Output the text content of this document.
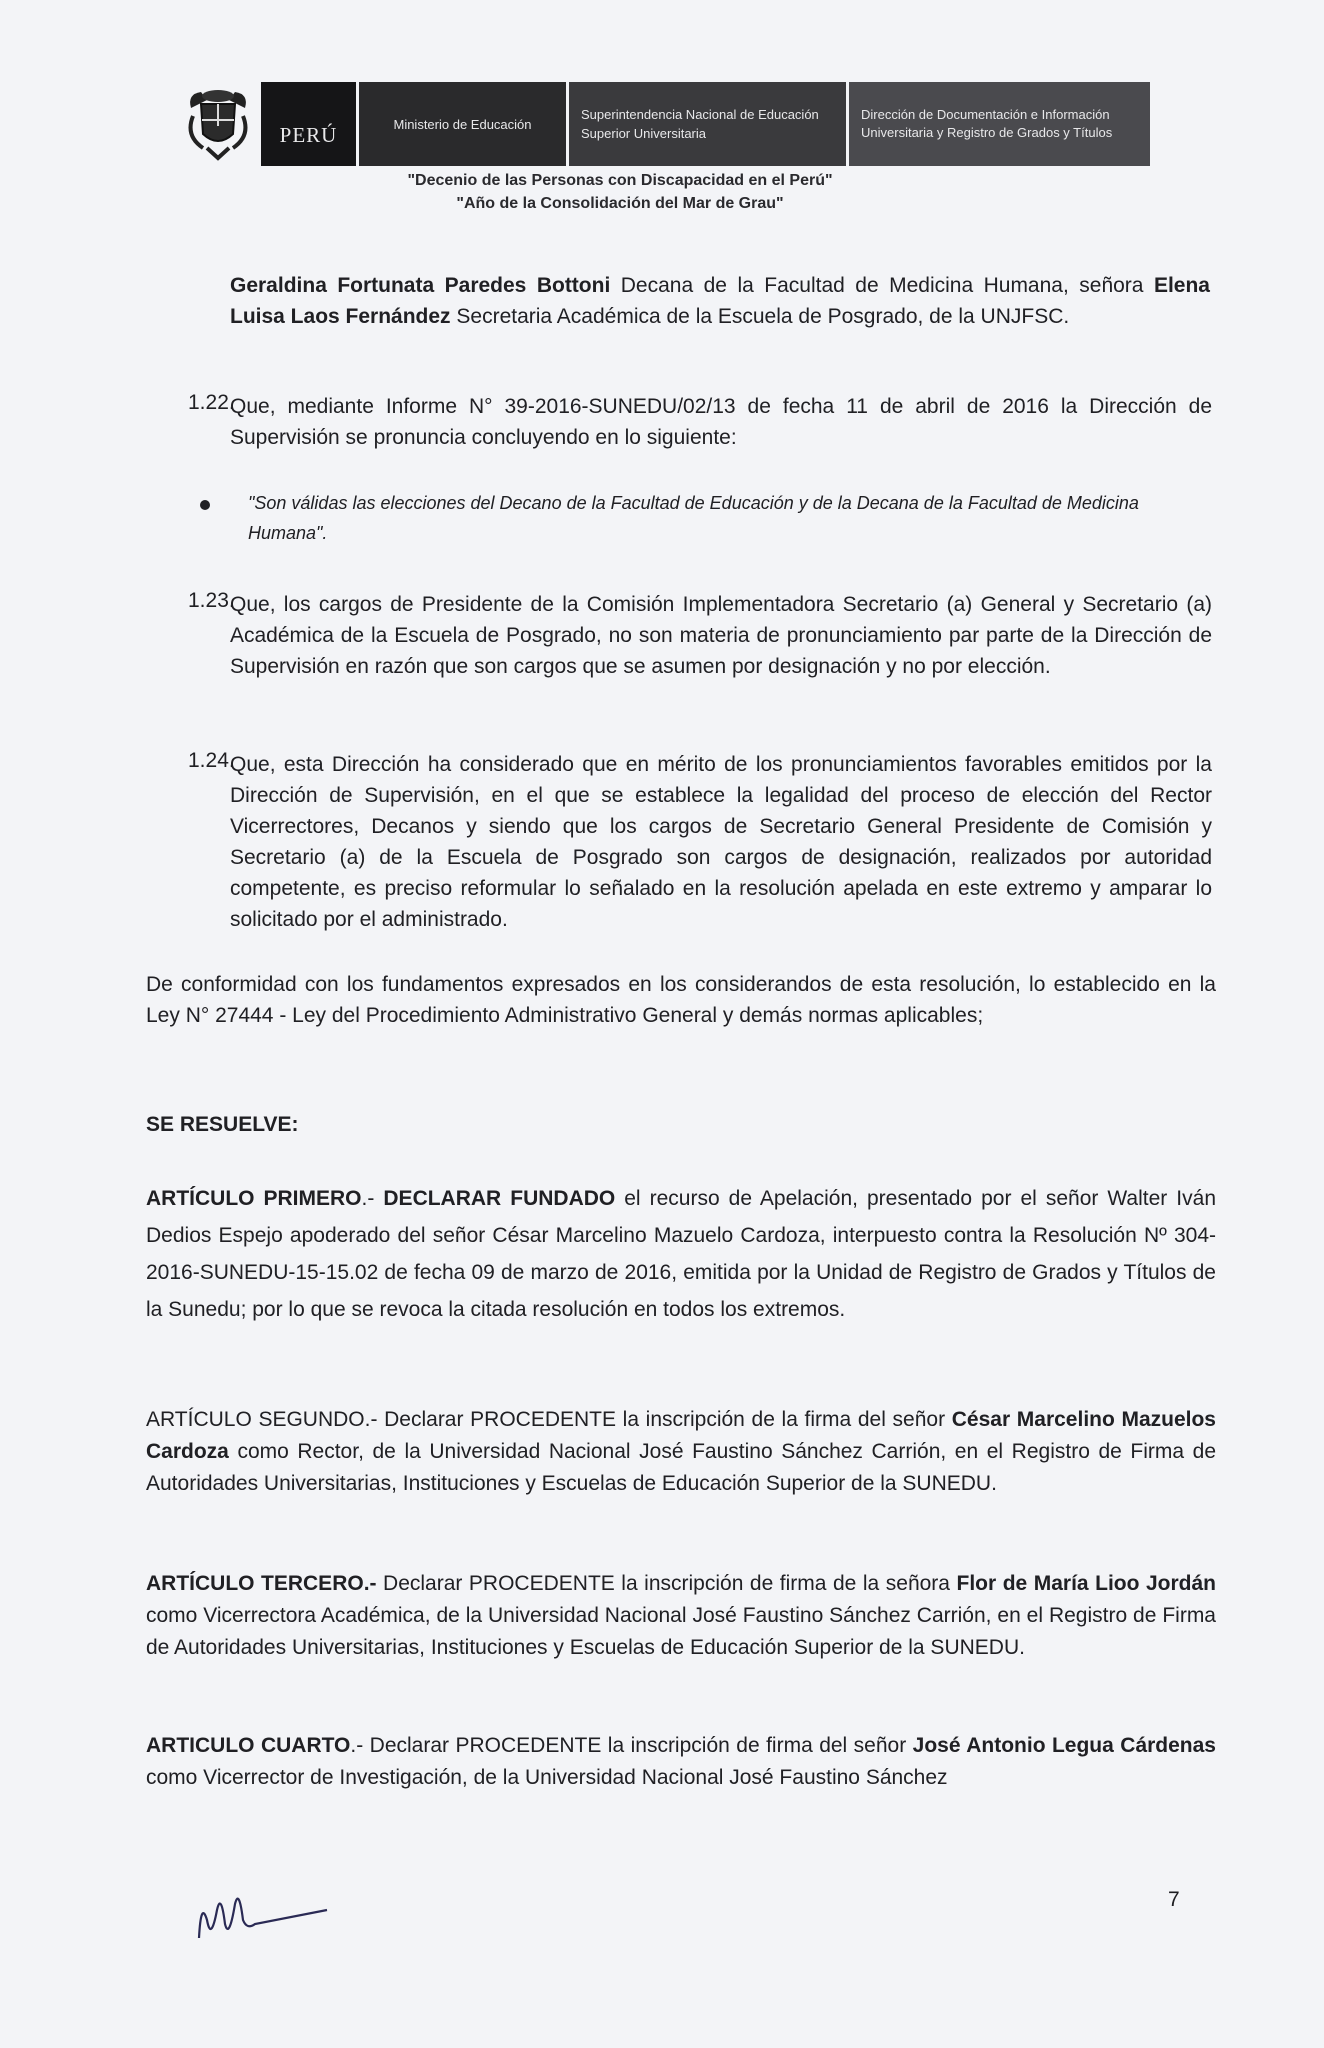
PERÚ	Ministerio de Educación
Superintendencia Nacional de Educación Superior Universitaria
Dirección de Documentación e Información Universitaria y Registro de Grados y Títulos
"Decenio de las Personas con Discapacidad en el Perú"
"Año de la Consolidación del Mar de Grau"
Geraldina Fortunata Paredes Bottoni Decana de la Facultad de Medicina Humana, señora Elena Luisa Laos Fernández Secretaria Académica de la Escuela de Posgrado, de la UNJFSC.
1.22.
Que, mediante Informe N° 39-2016-SUNEDU/02/13 de fecha 11 de abril de 2016 la Dirección de Supervisión se pronuncia concluyendo en lo siguiente:
"Son válidas las elecciones del Decano de la Facultad de Educación y de la Decana de la Facultad de Medicina Humana".
1.23.
Que, los cargos de Presidente de la Comisión Implementadora Secretario (a) General y Secretario (a) Académica de la Escuela de Posgrado, no son materia de pronunciamiento par parte de la Dirección de Supervisión en razón que son cargos que se asumen por designación y no por elección.
1.24.
Que, esta Dirección ha considerado que en mérito de los pronunciamientos favorables emitidos por la Dirección de Supervisión, en el que se establece la legalidad del proceso de elección del Rector Vicerrectores, Decanos y siendo que los cargos de Secretario General Presidente de Comisión y Secretario (a) de la Escuela de Posgrado son cargos de designación, realizados por autoridad competente, es preciso reformular lo señalado en la resolución apelada en este extremo y amparar lo solicitado por el administrado.
De conformidad con los fundamentos expresados en los considerandos de esta resolución, lo establecido en la Ley N° 27444 - Ley del Procedimiento Administrativo General y demás normas aplicables;
SE RESUELVE:
ARTÍCULO PRIMERO.- DECLARAR FUNDADO el recurso de Apelación, presentado por el señor Walter Iván Dedios Espejo apoderado del señor César Marcelino Mazuelo Cardoza, interpuesto contra la Resolución Nº 304-2016-SUNEDU-15-15.02 de fecha 09 de marzo de 2016, emitida por la Unidad de Registro de Grados y Títulos de la Sunedu; por lo que se revoca la citada resolución en todos los extremos.
ARTÍCULO SEGUNDO.- Declarar PROCEDENTE la inscripción de la firma del señor César Marcelino Mazuelos Cardoza como Rector, de la Universidad Nacional José Faustino Sánchez Carrión, en el Registro de Firma de Autoridades Universitarias, Instituciones y Escuelas de Educación Superior de la SUNEDU.
ARTÍCULO TERCERO.- Declarar PROCEDENTE la inscripción de firma de la señora Flor de María Lioo Jordán como Vicerrectora Académica, de la Universidad Nacional José Faustino Sánchez Carrión, en el Registro de Firma de Autoridades Universitarias, Instituciones y Escuelas de Educación Superior de la SUNEDU.
ARTICULO CUARTO.- Declarar PROCEDENTE la inscripción de firma del señor José Antonio Legua Cárdenas como Vicerrector de Investigación, de la Universidad Nacional José Faustino Sánchez
7
